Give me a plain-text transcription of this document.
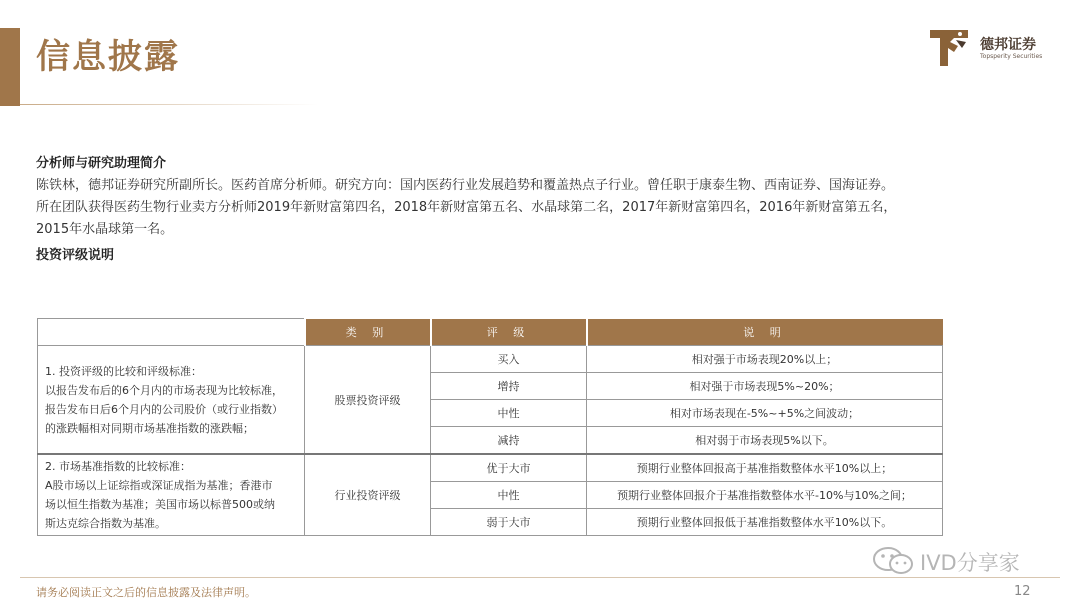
信息披露	德邦证券
Topsperity Securities
分析师与研究助理简介
陈铁林，德邦证券研究所副所长。医药首席分析师。研究方向：国内医药行业发展趋势和覆盖热点子行业。曾任职于康泰生物、西南证券、国海证券。
所在团队获得医药生物行业卖方分析师2019年新财富第四名，2018年新财富第五名、水晶球第二名，2017年新财富第四名，2016年新财富第五名，
2015年水晶球第一名。
投资评级说明
	类 别	评 级	说 明

1. 投资评级的比较和评级标准：
以报告发布后的6个月内的市场表现为比较标准，
报告发布日后6个月内的公司股价（或行业指数）
的涨跌幅相对同期市场基准指数的涨跌幅；	股票投资评级	买入	相对强于市场表现20%以上；
		增持	相对强于市场表现5%~20%；
		中性	相对市场表现在-5%~+5%之间波动；
		减持	相对弱于市场表现5%以下。

2. 市场基准指数的比较标准：
A股市场以上证综指或深证成指为基准；香港市
场以恒生指数为基准；美国市场以标普500或纳
斯达克综合指数为基准。	行业投资评级	优于大市	预期行业整体回报高于基准指数整体水平10%以上；
		中性	预期行业整体回报介于基准指数整体水平-10%与10%之间；
		弱于大市	预期行业整体回报低于基准指数整体水平10%以下。
IVD分享家
请务必阅读正文之后的信息披露及法律声明。	12
